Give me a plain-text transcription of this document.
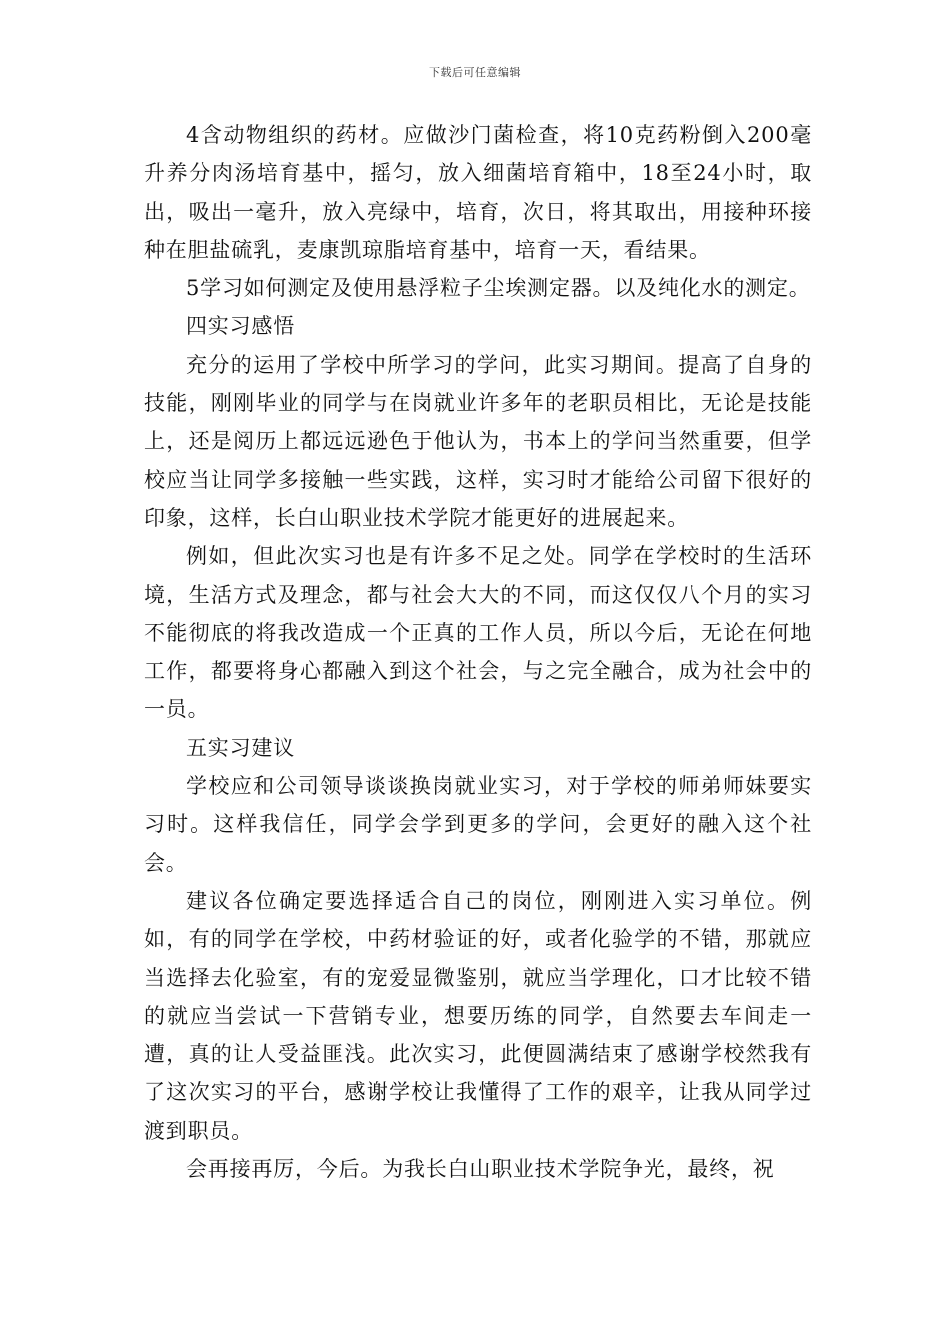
下载后可任意编辑

4含动物组织的药材。应做沙门菌检查，将10克药粉倒入200毫升养分肉汤培育基中，摇匀，放入细菌培育箱中，18至24小时，取出，吸出一毫升，放入亮绿中，培育，次日，将其取出，用接种环接种在胆盐硫乳，麦康凯琼脂培育基中，培育一天，看结果。

5学习如何测定及使用悬浮粒子尘埃测定器。以及纯化水的测定。

四实习感悟

充分的运用了学校中所学习的学问，此实习期间。提高了自身的技能，刚刚毕业的同学与在岗就业许多年的老职员相比，无论是技能上，还是阅历上都远远逊色于他认为，书本上的学问当然重要，但学校应当让同学多接触一些实践，这样，实习时才能给公司留下很好的印象，这样，长白山职业技术学院才能更好的进展起来。

例如，但此次实习也是有许多不足之处。同学在学校时的生活环境，生活方式及理念，都与社会大大的不同，而这仅仅八个月的实习不能彻底的将我改造成一个正真的工作人员，所以今后，无论在何地工作，都要将身心都融入到这个社会，与之完全融合，成为社会中的一员。

五实习建议

学校应和公司领导谈谈换岗就业实习，对于学校的师弟师妹要实习时。这样我信任，同学会学到更多的学问，会更好的融入这个社会。

建议各位确定要选择适合自己的岗位，刚刚进入实习单位。例如，有的同学在学校，中药材验证的好，或者化验学的不错，那就应当选择去化验室，有的宠爱显微鉴别，就应当学理化，口才比较不错的就应当尝试一下营销专业，想要历练的同学，自然要去车间走一遭，真的让人受益匪浅。此次实习，此便圆满结束了感谢学校然我有了这次实习的平台，感谢学校让我懂得了工作的艰辛，让我从同学过渡到职员。

会再接再厉，今后。为我长白山职业技术学院争光，最终，祝
